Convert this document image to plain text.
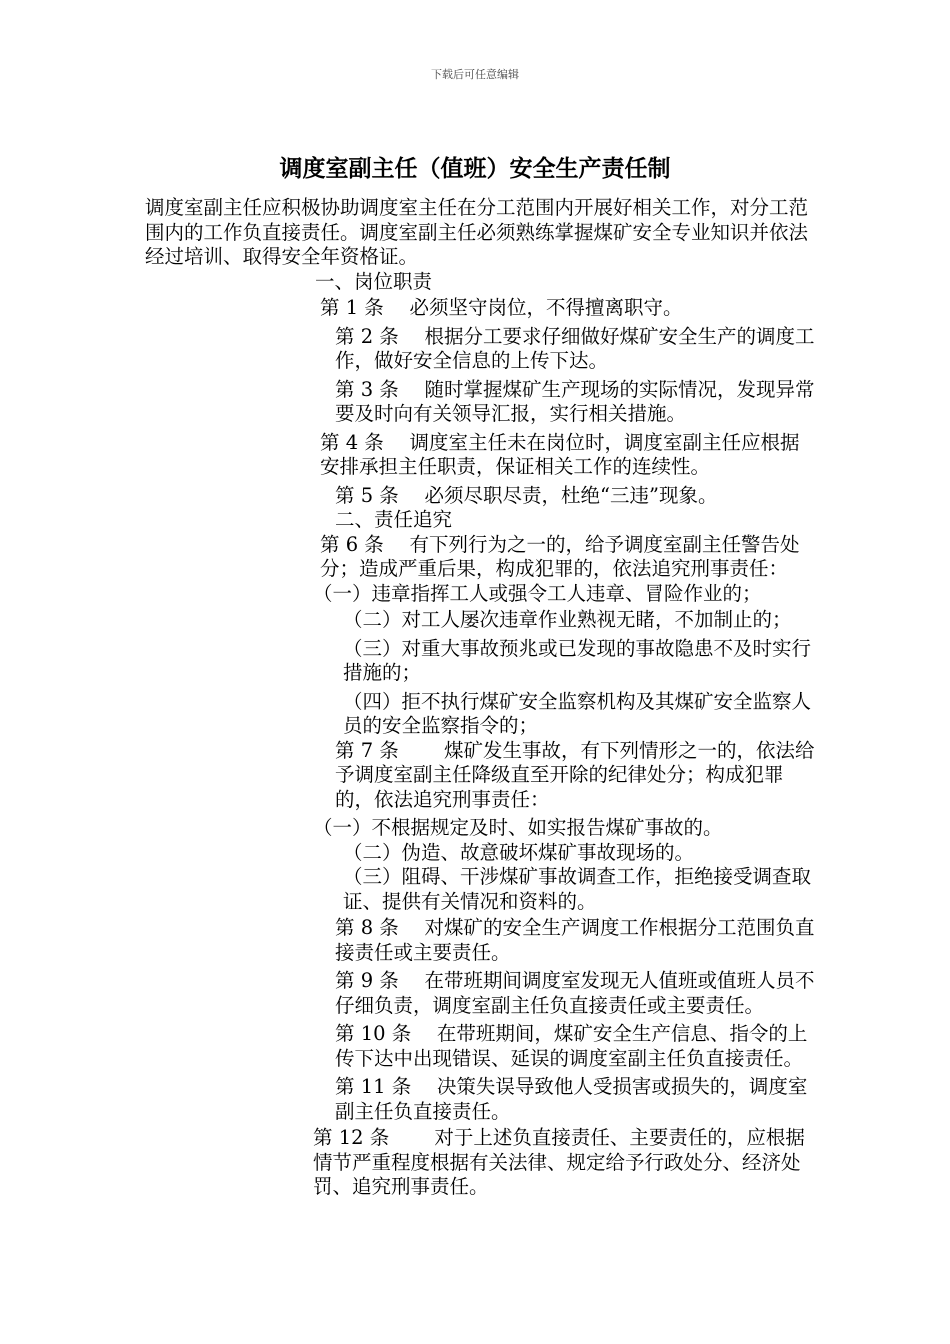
下载后可任意编辑
调度室副主任（值班）安全生产责任制

调度室副主任应积极协助调度室主任在分工范围内开展好相关工作，对分工范围内的工作负直接责任。调度室副主任必须熟练掌握煤矿安全专业知识并依法经过培训、取得安全年资格证。

一、岗位职责

第 1 条　 必须坚守岗位，不得擅离职守。

第 2 条　 根据分工要求仔细做好煤矿安全生产的调度工作，做好安全信息的上传下达。

第 3 条　 随时掌握煤矿生产现场的实际情况，发现异常要及时向有关领导汇报，实行相关措施。

第 4 条　 调度室主任未在岗位时，调度室副主任应根据安排承担主任职责，保证相关工作的连续性。

第 5 条　 必须尽职尽责，杜绝“三违”现象。

二、责任追究

第 6 条　 有下列行为之一的，给予调度室副主任警告处分；造成严重后果，构成犯罪的，依法追究刑事责任：

（一）违章指挥工人或强令工人违章、冒险作业的；

（二）对工人屡次违章作业熟视无睹，不加制止的；

（三）对重大事故预兆或已发现的事故隐患不及时实行措施的；

（四）拒不执行煤矿安全监察机构及其煤矿安全监察人员的安全监察指令的；

第 7 条　　 煤矿发生事故，有下列情形之一的，依法给予调度室副主任降级直至开除的纪律处分；构成犯罪的，依法追究刑事责任：

（一）不根据规定及时、如实报告煤矿事故的。

（二）伪造、故意破坏煤矿事故现场的。

（三）阻碍、干涉煤矿事故调查工作，拒绝接受调查取证、提供有关情况和资料的。

第 8 条　 对煤矿的安全生产调度工作根据分工范围负直接责任或主要责任。

第 9 条　 在带班期间调度室发现无人值班或值班人员不仔细负责，调度室副主任负直接责任或主要责任。

第 10 条　 在带班期间，煤矿安全生产信息、指令的上传下达中出现错误、延误的调度室副主任负直接责任。

第 11 条　 决策失误导致他人受损害或损失的，调度室副主任负直接责任。

第 12 条　　 对于上述负直接责任、主要责任的，应根据情节严重程度根据有关法律、规定给予行政处分、经济处罚、追究刑事责任。
